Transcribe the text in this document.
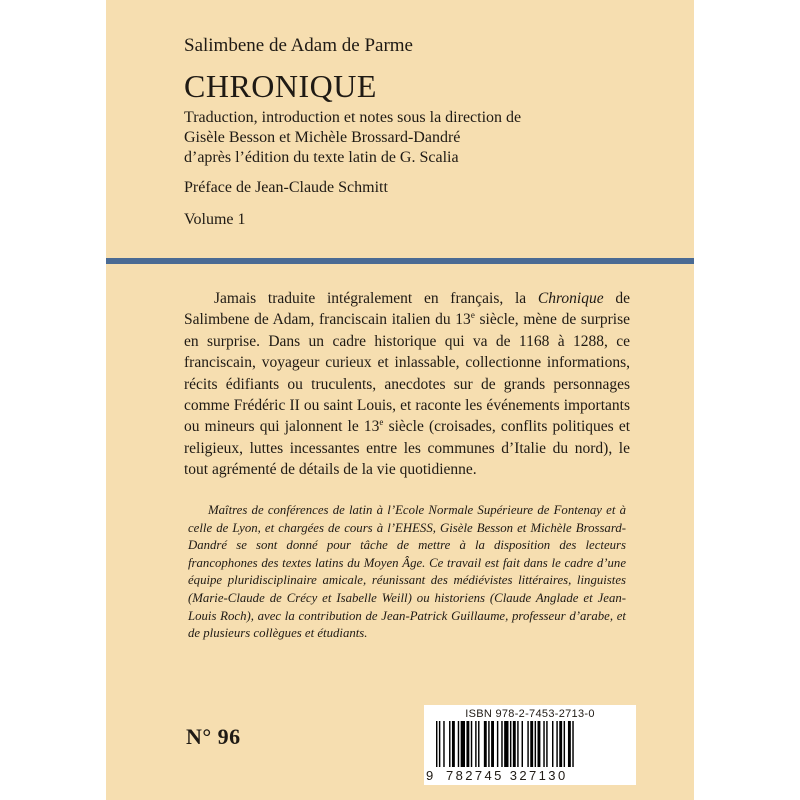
Salimbene de Adam de Parme

CHRONIQUE

Traduction, introduction et notes sous la direction de

Gisèle Besson et Michèle Brossard-Dandré

d’après l’édition du texte latin de G. Scalia

Préface de Jean-Claude Schmitt

Volume 1

Jamais traduite intégralement en français, la Chronique de Salimbene de Adam, franciscain italien du 13e siècle, mène de surprise en surprise. Dans un cadre historique qui va de 1168 à 1288, ce franciscain, voyageur curieux et inlassable, collectionne informations, récits édifiants ou truculents, anecdotes sur de grands personnages comme Frédéric II ou saint Louis, et raconte les événements importants ou mineurs qui jalonnent le 13e siècle (croisades, conflits politiques et religieux, luttes incessantes entre les communes d’Italie du nord), le tout agrémenté de détails de la vie quotidienne.

Maîtres de conférences de latin à l’Ecole Normale Supérieure de Fontenay et à celle de Lyon, et chargées de cours à l’EHESS, Gisèle Besson et Michèle Brossard-Dandré se sont donné pour tâche de mettre à la disposition des lecteurs francophones des textes latins du Moyen Âge. Ce travail est fait dans le cadre d’une équipe pluridisciplinaire amicale, réunissant des médiévistes littéraires, linguistes (Marie-Claude de Crécy et Isabelle Weill) ou historiens (Claude Anglade et Jean-Louis Roch), avec la contribution de Jean-Patrick Guillaume, professeur d’arabe, et de plusieurs collègues et étudiants.

N° 96
ISBN 978-2-7453-2713-0
9 782745 327130
